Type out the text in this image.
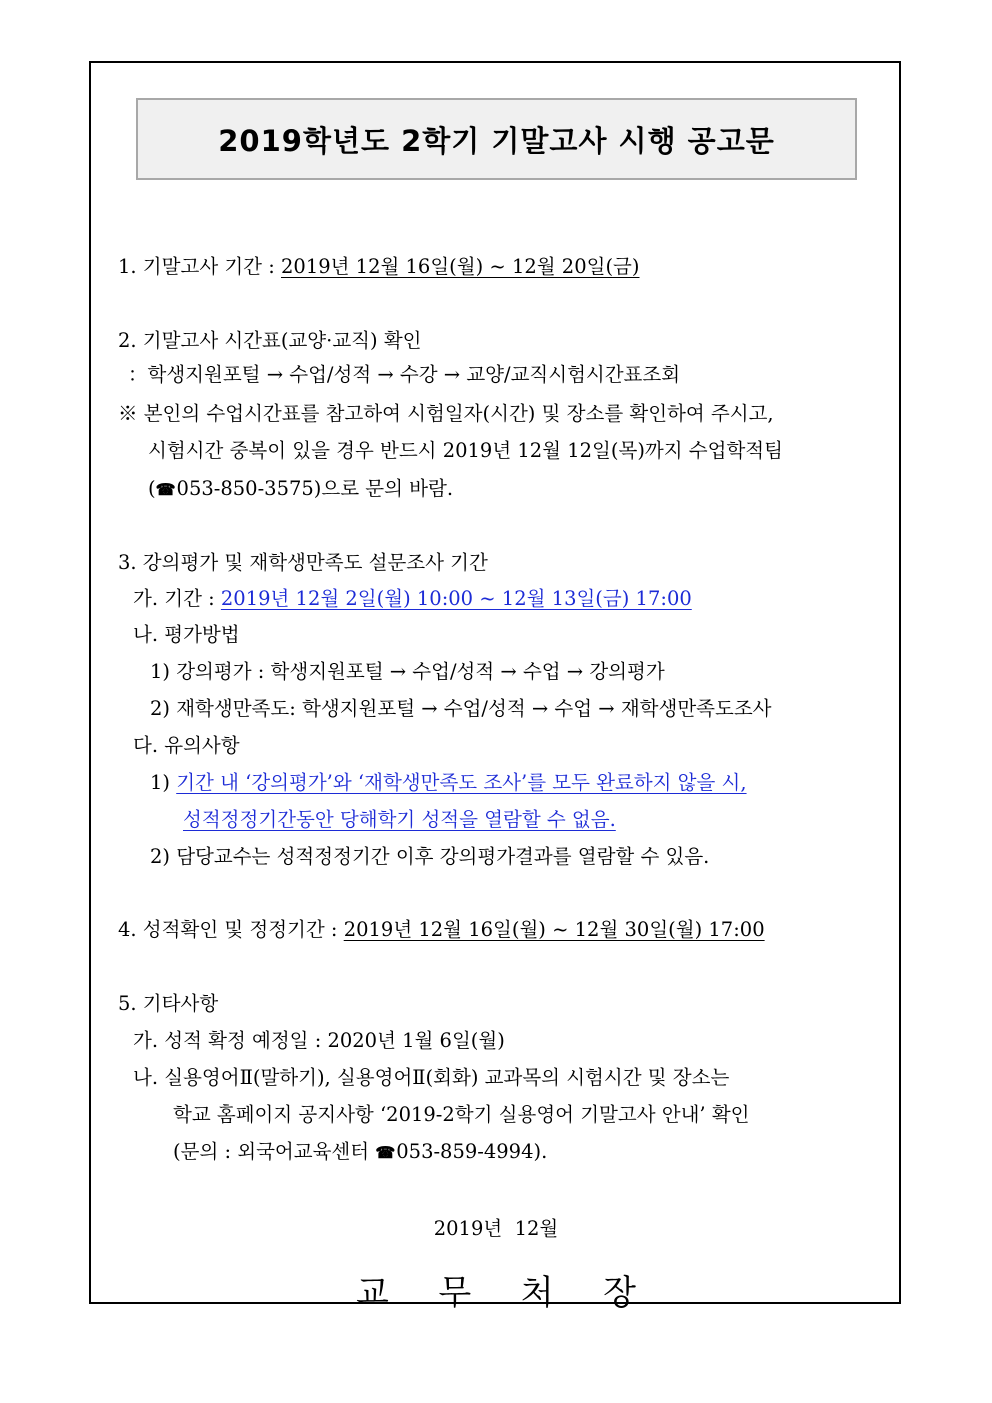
2019학년도 2학기 기말고사 시행 공고문
1. 기말고사 기간 : 2019년 12월 16일(월) ~ 12월 20일(금)
2. 기말고사 시간표(교양·교직) 확인
：학생지원포털 → 수업/성적 → 수강 → 교양/교직시험시간표조회
※ 본인의 수업시간표를 참고하여 시험일자(시간) 및 장소를 확인하여 주시고,
시험시간 중복이 있을 경우 반드시 2019년 12월 12일(목)까지 수업학적팀
(☎053-850-3575)으로 문의 바람.
3. 강의평가 및 재학생만족도 설문조사 기간
가. 기간 : 2019년 12월 2일(월) 10:00 ~ 12월 13일(금) 17:00
나. 평가방법
1) 강의평가 : 학생지원포털 → 수업/성적 → 수업 → 강의평가
2) 재학생만족도: 학생지원포털 → 수업/성적 → 수업 → 재학생만족도조사
다. 유의사항
1) 기간 내 ‘강의평가’와 ‘재학생만족도 조사’를 모두 완료하지 않을 시,
성적정정기간동안 당해학기 성적을 열람할 수 없음.
2) 담당교수는 성적정정기간 이후 강의평가결과를 열람할 수 있음.
4. 성적확인 및 정정기간 : 2019년 12월 16일(월) ~ 12월 30일(월) 17:00
5. 기타사항
가. 성적 확정 예정일 : 2020년 1월 6일(월)
나. 실용영어Ⅱ(말하기), 실용영어Ⅱ(회화) 교과목의 시험시간 및 장소는
학교 홈페이지 공지사항 ‘2019-2학기 실용영어 기말고사 안내’ 확인
(문의 : 외국어교육센터 ☎053-859-4994).
2019년  12월
교 무 처 장
